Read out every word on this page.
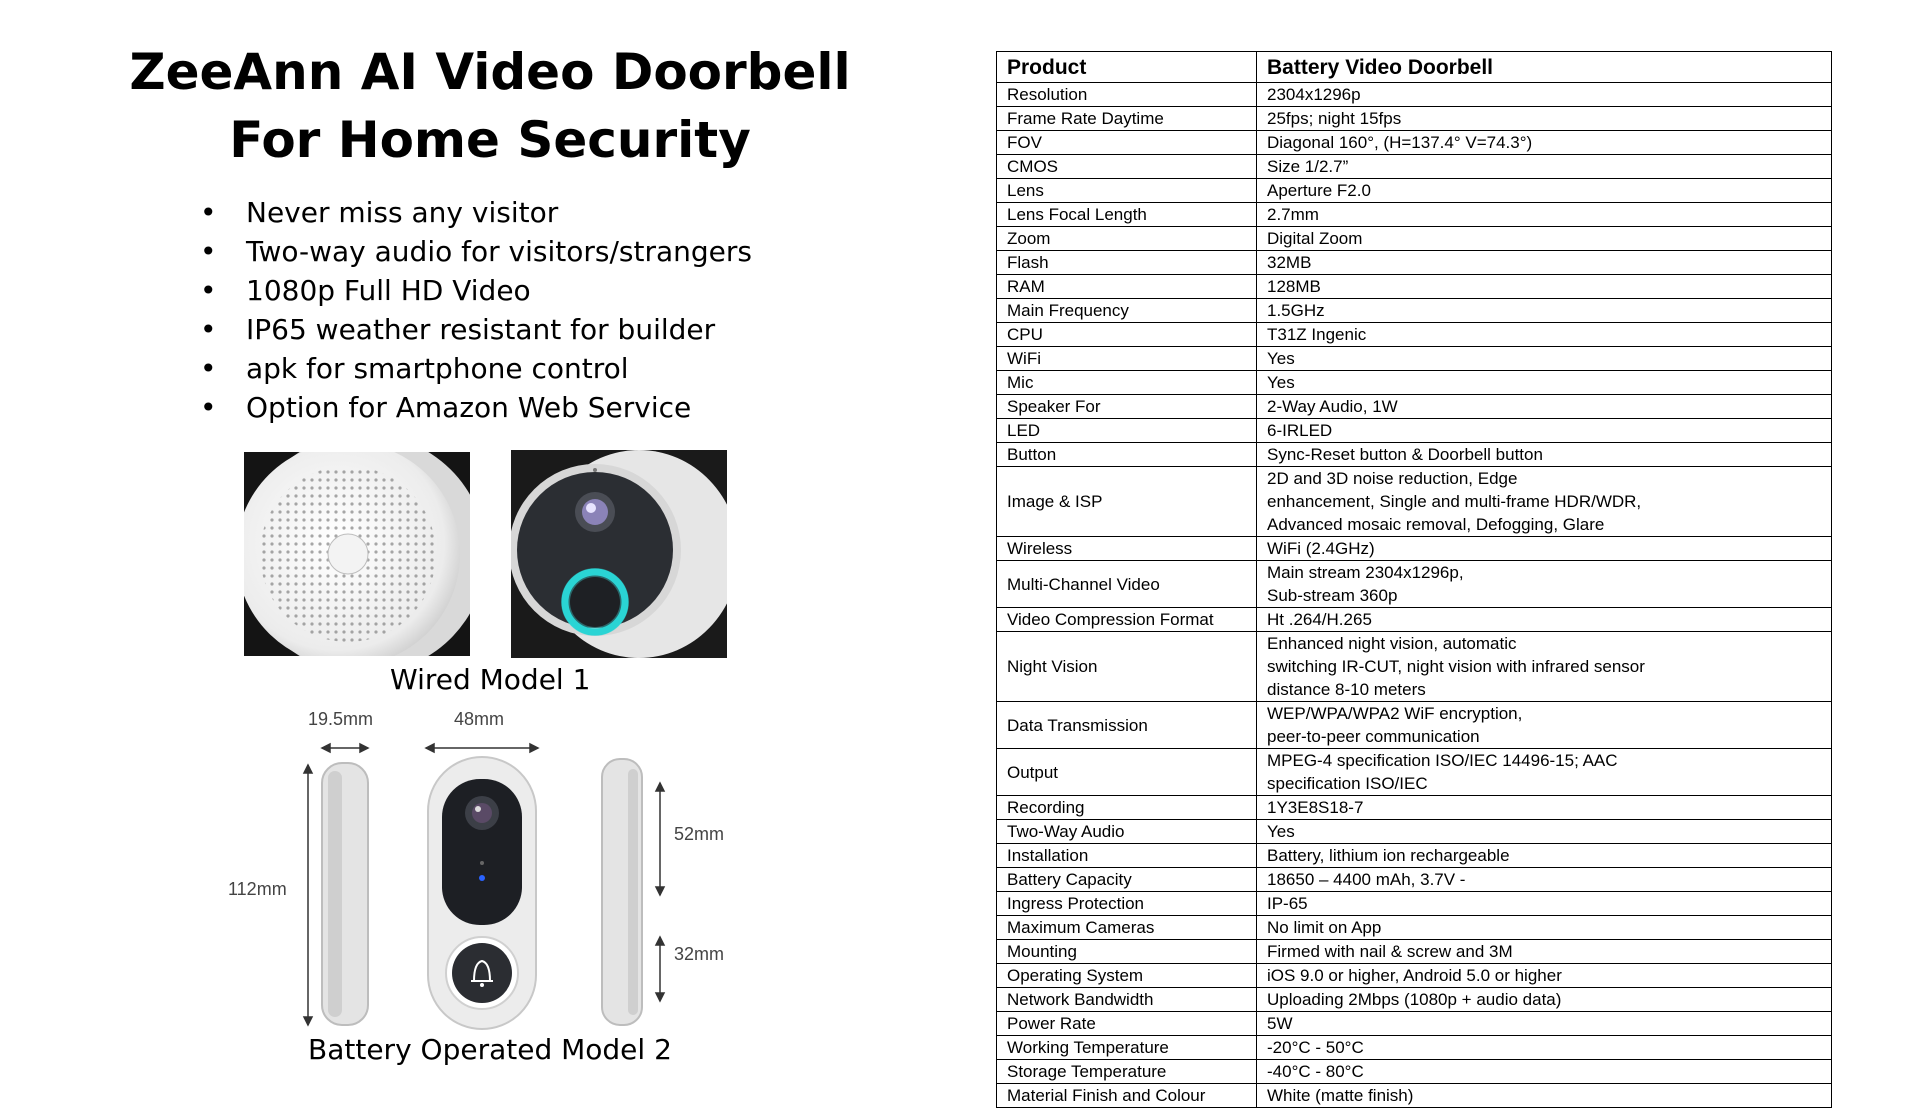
ZeeAnn AI Video Doorbell
For Home Security
• Never miss any visitor
• Two-way audio for visitors/strangers
• 1080p Full HD Video
• IP65 weather resistant for builder
• apk for smartphone control
• Option for Amazon Web Service
Wired Model 1
19.5mm	48mm
112mm
52mm
32mm
Battery Operated Model 2
Product	Battery Video Doorbell
Resolution	2304x1296p
Frame Rate Daytime	25fps; night 15fps
FOV	Diagonal 160°, (H=137.4° V=74.3°)
CMOS	Size 1/2.7”
Lens	Aperture F2.0
Lens Focal Length	2.7mm
Zoom	Digital Zoom
Flash	32MB
RAM	128MB
Main Frequency	1.5GHz
CPU	T31Z Ingenic
WiFi	Yes
Mic	Yes
Speaker For	2-Way Audio, 1W
LED	6-IRLED
Button	Sync-Reset button & Doorbell button
Image & ISP	2D and 3D noise reduction, Edge
enhancement, Single and multi-frame HDR/WDR,
Advanced mosaic removal, Defogging, Glare

Wireless	WiFi (2.4GHz)
Multi-Channel Video	Main stream 2304x1296p,
Sub-stream 360p

Video Compression Format	Ht .264/H.265
Night Vision	Enhanced night vision, automatic
switching IR-CUT, night vision with infrared sensor
distance 8-10 meters

Data Transmission	WEP/WPA/WPA2 WiF encryption,
peer-to-peer communication

Output	MPEG-4 specification ISO/IEC 14496-15; AAC
specification ISO/IEC

Recording	1Y3E8S18-7
Two-Way Audio	Yes
Installation	Battery, lithium ion rechargeable
Battery Capacity	18650 – 4400 mAh, 3.7V -
Ingress Protection	IP-65
Maximum Cameras	No limit on App
Mounting	Firmed with nail & screw and 3M
Operating System	iOS 9.0 or higher, Android 5.0 or higher
Network Bandwidth	Uploading 2Mbps (1080p + audio data)
Power Rate	5W
Working Temperature	-20°C - 50°C
Storage Temperature	-40°C - 80°C
Material Finish and Colour	White (matte finish)
